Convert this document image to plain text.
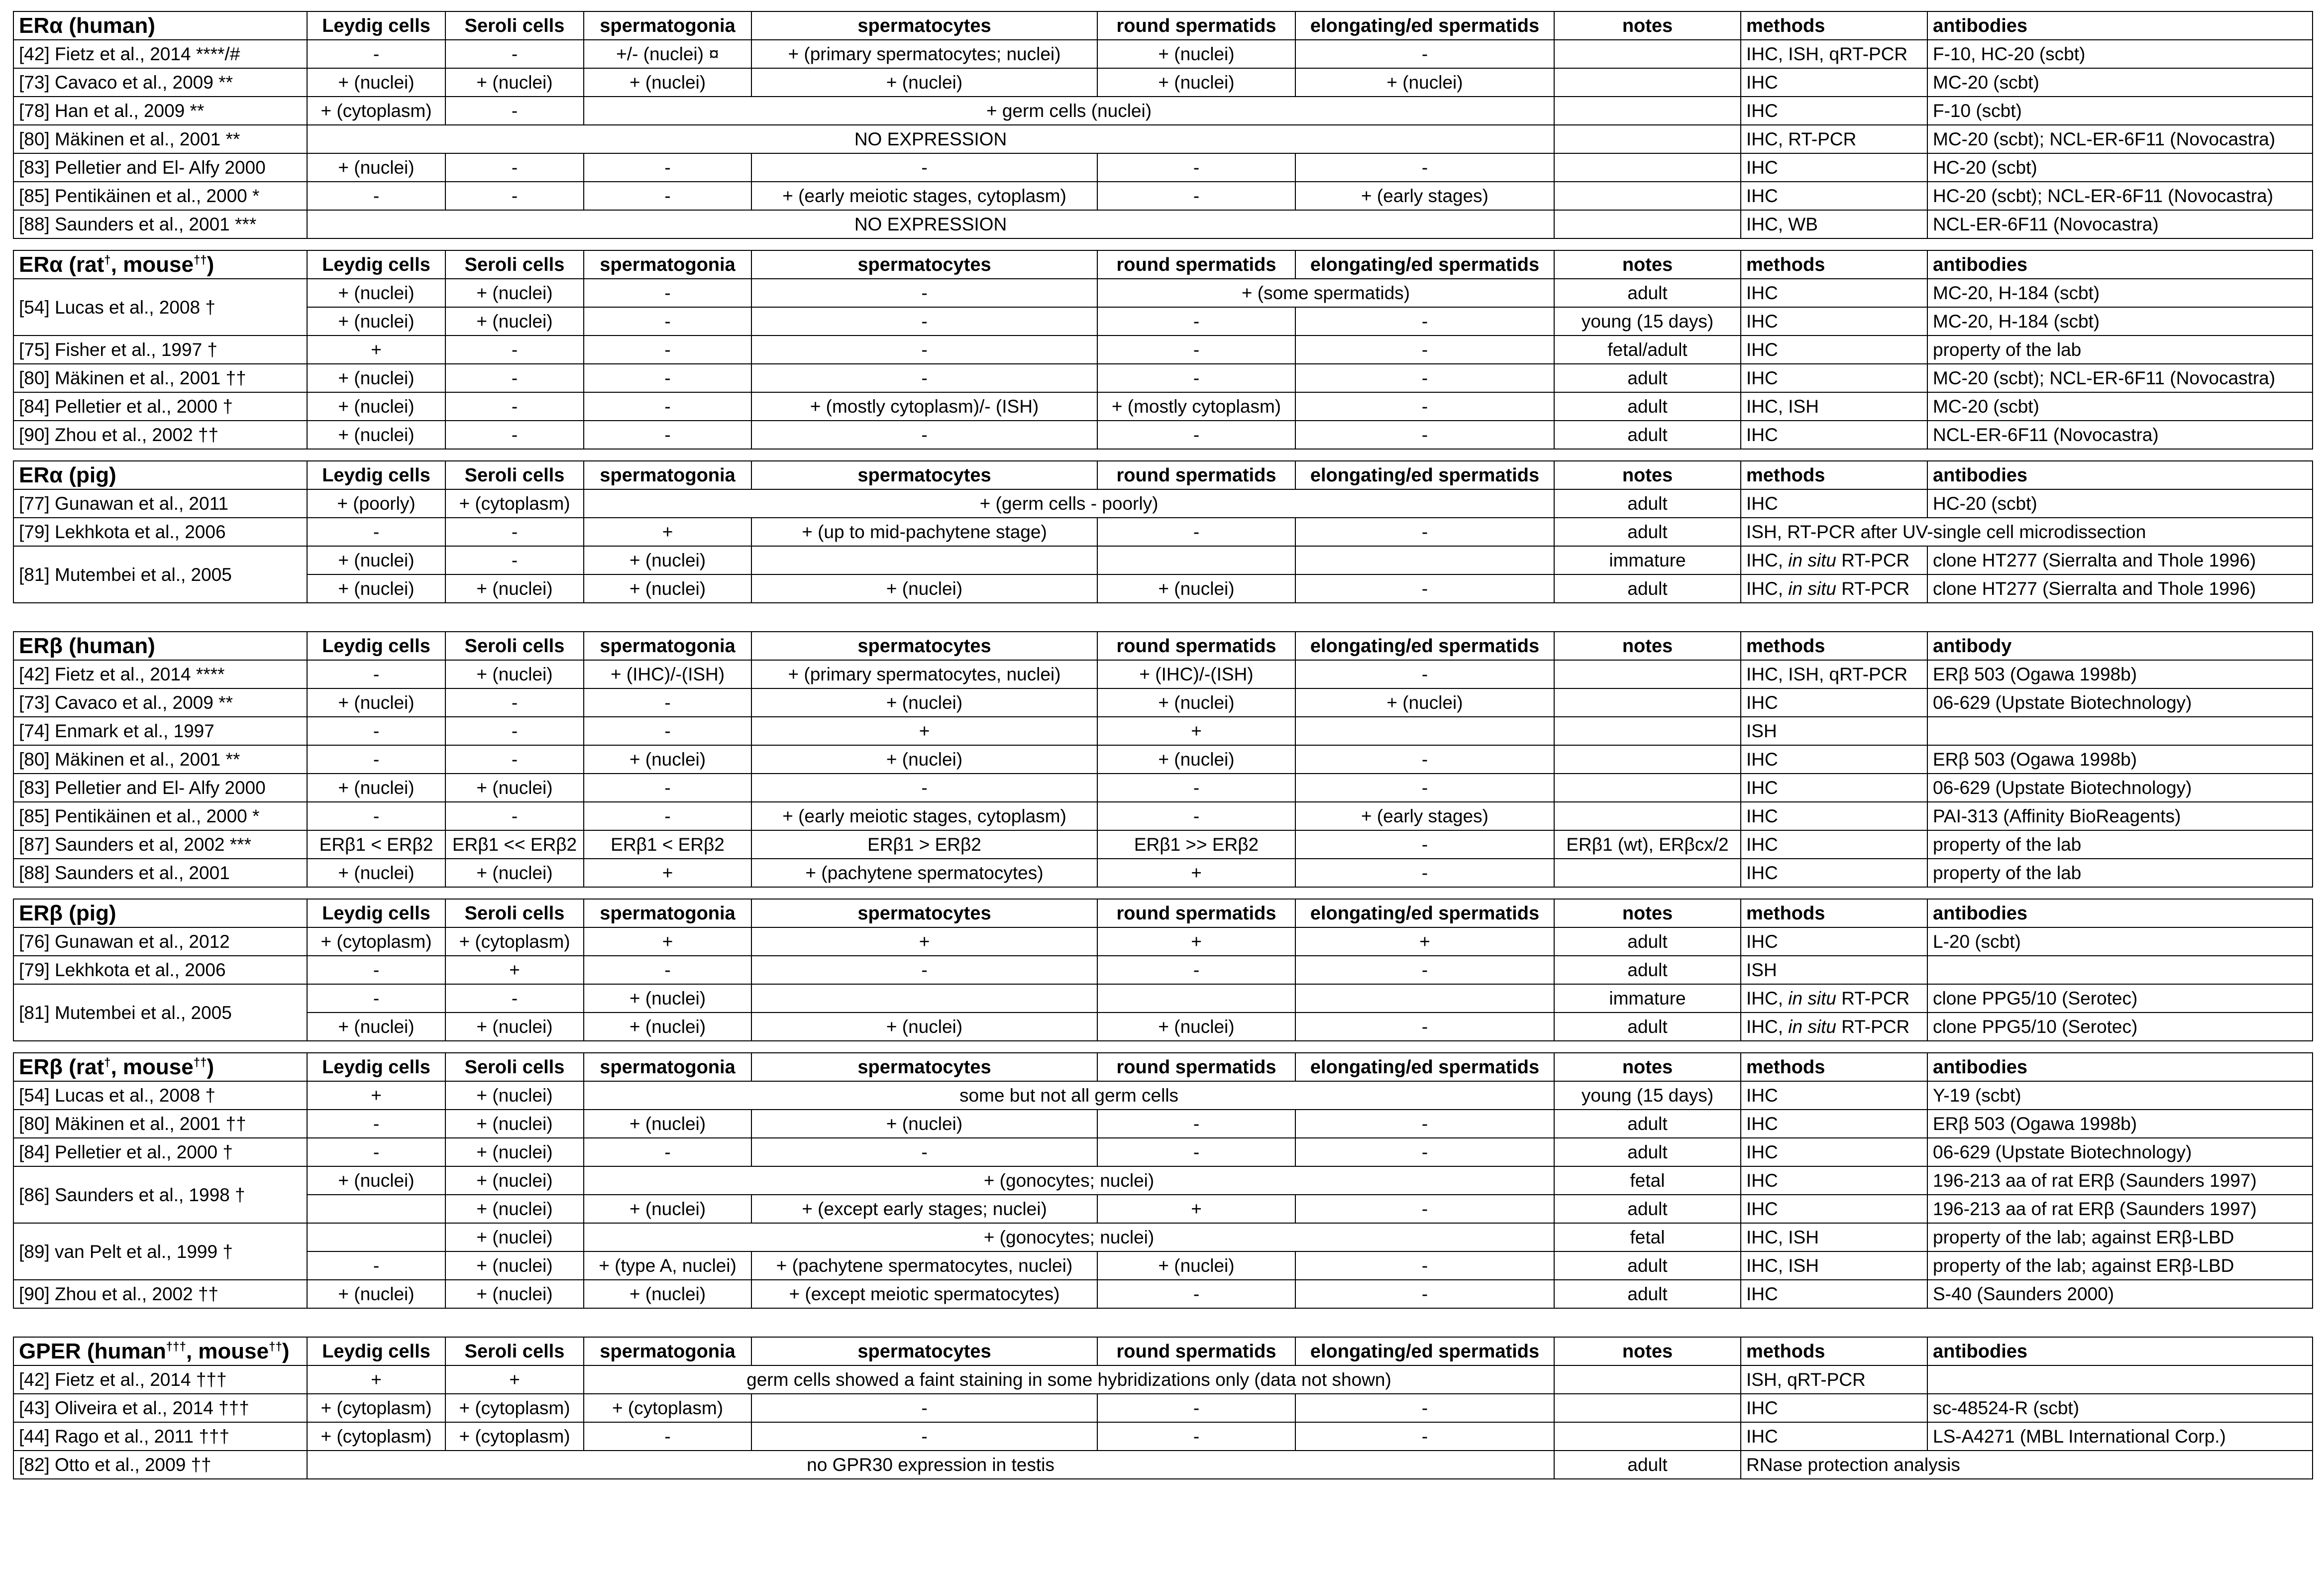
ERα (human)	Leydig cells	Seroli cells	spermatogonia	spermatocytes	round spermatids	elongating/ed spermatids	notes	methods	antibodies
[42] Fietz et al., 2014 ****/#	-	-	+/- (nuclei) ¤	+ (primary spermatocytes; nuclei)	+ (nuclei)	-		IHC, ISH, qRT-PCR	F-10, HC-20 (scbt)
[73] Cavaco et al., 2009 **	+ (nuclei)	+ (nuclei)	+ (nuclei)	+ (nuclei)	+ (nuclei)	+ (nuclei)		IHC	MC-20 (scbt)
[78] Han et al., 2009 **	+ (cytoplasm)	-	+ germ cells (nuclei)					IHC	F-10 (scbt)
[80] Mäkinen et al., 2001 **	NO EXPRESSION							IHC, RT-PCR	MC-20 (scbt); NCL-ER-6F11 (Novocastra)
[83] Pelletier and El- Alfy 2000	+ (nuclei)	-	-	-	-	-		IHC	HC-20 (scbt)
[85] Pentikäinen et al., 2000 *	-	-	-	+ (early meiotic stages, cytoplasm)	-	+ (early stages)		IHC	HC-20 (scbt); NCL-ER-6F11 (Novocastra)
[88] Saunders et al., 2001 ***	NO EXPRESSION							IHC, WB	NCL-ER-6F11 (Novocastra)
ERα (rat†, mouse††)	Leydig cells	Seroli cells	spermatogonia	spermatocytes	round spermatids	elongating/ed spermatids	notes	methods	antibodies
[54] Lucas et al., 2008 †	+ (nuclei)	+ (nuclei)	-	-	+ (some spermatids)		adult	IHC	MC-20, H-184 (scbt)
	+ (nuclei)	+ (nuclei)	-	-	-	-	young (15 days)	IHC	MC-20, H-184 (scbt)
[75] Fisher et al., 1997 †	+	-	-	-	-	-	fetal/adult	IHC	property of the lab
[80] Mäkinen et al., 2001 ††	+ (nuclei)	-	-	-	-	-	adult	IHC	MC-20 (scbt); NCL-ER-6F11 (Novocastra)
[84] Pelletier et al., 2000 †	+ (nuclei)	-	-	+ (mostly cytoplasm)/- (ISH)	+ (mostly cytoplasm)	-	adult	IHC, ISH	MC-20 (scbt)
[90] Zhou et al., 2002 ††	+ (nuclei)	-	-	-	-	-	adult	IHC	NCL-ER-6F11 (Novocastra)
ERα (pig)	Leydig cells	Seroli cells	spermatogonia	spermatocytes	round spermatids	elongating/ed spermatids	notes	methods	antibodies
[77] Gunawan et al., 2011	+ (poorly)	+ (cytoplasm)	+ (germ cells - poorly)				adult	IHC	HC-20 (scbt)
[79] Lekhkota et al., 2006	-	-	+	+ (up to mid-pachytene stage)	-	-	adult	ISH, RT-PCR after UV-single cell microdissection	
[81] Mutembei et al., 2005	+ (nuclei)	-	+ (nuclei)				immature	IHC, in situ RT-PCR	clone HT277 (Sierralta and Thole 1996)
	+ (nuclei)	+ (nuclei)	+ (nuclei)	+ (nuclei)	+ (nuclei)	-	adult	IHC, in situ RT-PCR	clone HT277 (Sierralta and Thole 1996)
ERβ (human)	Leydig cells	Seroli cells	spermatogonia	spermatocytes	round spermatids	elongating/ed spermatids	notes	methods	antibody
[42] Fietz et al., 2014 ****	-	+ (nuclei)	+ (IHC)/-(ISH)	+ (primary spermatocytes, nuclei)	+ (IHC)/-(ISH)	-		IHC, ISH, qRT-PCR	ERβ 503 (Ogawa 1998b)
[73] Cavaco et al., 2009 **	+ (nuclei)	-	-	+ (nuclei)	+ (nuclei)	+ (nuclei)		IHC	06-629 (Upstate Biotechnology)
[74] Enmark et al., 1997	-	-	-	+	+			ISH	
[80] Mäkinen et al., 2001 **	-	-	+ (nuclei)	+ (nuclei)	+ (nuclei)	-		IHC	ERβ 503 (Ogawa 1998b)
[83] Pelletier and El- Alfy 2000	+ (nuclei)	+ (nuclei)	-	-	-	-		IHC	06-629 (Upstate Biotechnology)
[85] Pentikäinen et al., 2000 *	-	-	-	+ (early meiotic stages, cytoplasm)	-	+ (early stages)		IHC	PAI-313 (Affinity BioReagents)
[87] Saunders et al, 2002 ***	ERβ1 < ERβ2	ERβ1 << ERβ2	ERβ1 < ERβ2	ERβ1 > ERβ2	ERβ1 >> ERβ2	-	ERβ1 (wt), ERβcx/2	IHC	property of the lab
[88] Saunders et al., 2001	+ (nuclei)	+ (nuclei)	+	+ (pachytene spermatocytes)	+	-		IHC	property of the lab
ERβ (pig)	Leydig cells	Seroli cells	spermatogonia	spermatocytes	round spermatids	elongating/ed spermatids	notes	methods	antibodies
[76] Gunawan et al., 2012	+ (cytoplasm)	+ (cytoplasm)	+	+	+	+	adult	IHC	L-20 (scbt)
[79] Lekhkota et al., 2006	-	+	-	-	-	-	adult	ISH	
[81] Mutembei et al., 2005	-	-	+ (nuclei)				immature	IHC, in situ RT-PCR	clone PPG5/10 (Serotec)
	+ (nuclei)	+ (nuclei)	+ (nuclei)	+ (nuclei)	+ (nuclei)	-	adult	IHC, in situ RT-PCR	clone PPG5/10 (Serotec)
ERβ (rat†, mouse††)	Leydig cells	Seroli cells	spermatogonia	spermatocytes	round spermatids	elongating/ed spermatids	notes	methods	antibodies
[54] Lucas et al., 2008 †	+	+ (nuclei)	some but not all germ cells				young (15 days)	IHC	Y-19 (scbt)
[80] Mäkinen et al., 2001 ††	-	+ (nuclei)	+ (nuclei)	+ (nuclei)	-	-	adult	IHC	ERβ 503 (Ogawa 1998b)
[84] Pelletier et al., 2000 †	-	+ (nuclei)	-	-	-	-	adult	IHC	06-629 (Upstate Biotechnology)
[86] Saunders et al., 1998 †	+ (nuclei)	+ (nuclei)	+ (gonocytes; nuclei)				fetal	IHC	196-213 aa of rat ERβ (Saunders 1997)
		+ (nuclei)	+ (nuclei)	+ (except early stages; nuclei)	+	-	adult	IHC	196-213 aa of rat ERβ (Saunders 1997)
[89] van Pelt et al., 1999 †		+ (nuclei)	+ (gonocytes; nuclei)				fetal	IHC, ISH	property of the lab; against ERβ-LBD
	-	+ (nuclei)	+ (type A, nuclei)	+ (pachytene spermatocytes, nuclei)	+ (nuclei)	-	adult	IHC, ISH	property of the lab; against ERβ-LBD
[90] Zhou et al., 2002 ††	+ (nuclei)	+ (nuclei)	+ (nuclei)	+ (except meiotic spermatocytes)	-	-	adult	IHC	S-40 (Saunders 2000)
GPER (human†††, mouse††)	Leydig cells	Seroli cells	spermatogonia	spermatocytes	round spermatids	elongating/ed spermatids	notes	methods	antibodies
[42] Fietz et al., 2014 †††	+	+	germ cells showed a faint staining in some hybridizations only (data not shown)					ISH, qRT-PCR	
[43] Oliveira et al., 2014 †††	+ (cytoplasm)	+ (cytoplasm)	+ (cytoplasm)	-	-	-		IHC	sc-48524-R (scbt)
[44] Rago et al., 2011 †††	+ (cytoplasm)	+ (cytoplasm)	-	-	-	-		IHC	LS-A4271 (MBL International Corp.)
[82] Otto et al., 2009 ††	no GPR30 expression in testis						adult	RNase protection analysis	
